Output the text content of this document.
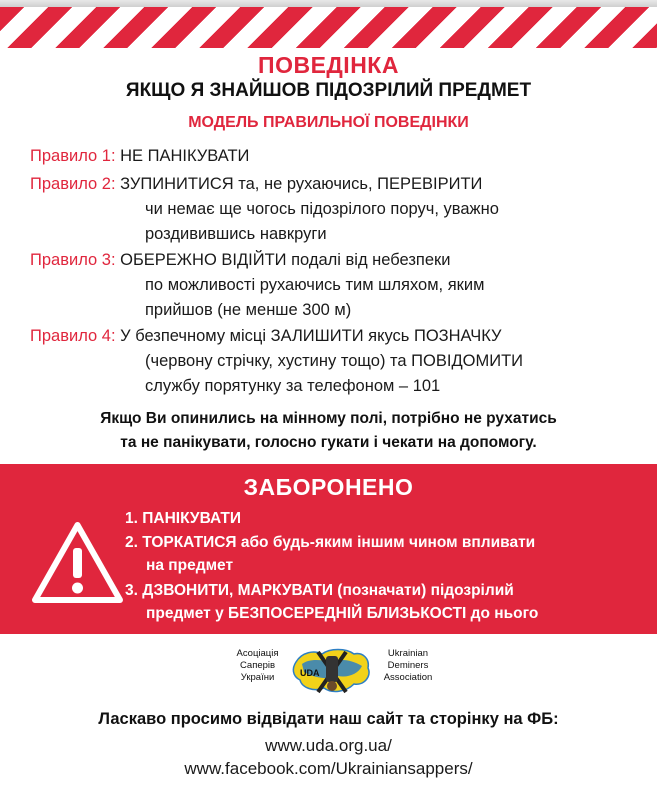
ПОВЕДІНКА
ЯКЩО Я ЗНАЙШОВ ПІДОЗРІЛИЙ ПРЕДМЕТ
МОДЕЛЬ ПРАВИЛЬНОЇ ПОВЕДІНКИ
Правило 1: НЕ ПАНІКУВАТИ
Правило 2: ЗУПИНИТИСЯ та, не рухаючись, ПЕРЕВІРИТИ
чи немає ще чогось підозрілого поруч, уважно
роздивившись навкруги
Правило 3: ОБЕРЕЖНО ВІДІЙТИ подалі від небезпеки
по можливості рухаючись тим шляхом, яким
прийшов (не менше 300 м)
Правило 4: У безпечному місці ЗАЛИШИТИ якусь ПОЗНАЧКУ
(червону стрічку, хустину тощо) та ПОВІДОМИТИ
службу порятунку за телефоном – 101
Якщо Ви опинились на мінному полі, потрібно не рухатись
та не панікувати, голосно гукати і чекати на допомогу.
ЗАБОРОНЕНО
1. ПАНІКУВАТИ
2. ТОРКАТИСЯ або будь-яким іншим чином впливати
на предмет
3. ДЗВОНИТИ, МАРКУВАТИ (позначати) підозрілий
предмет у БЕЗПОСЕРЕДНІЙ БЛИЗЬКОСТІ до нього
Асоціація
Саперів
України	UDA
Ukrainian
Deminers
Association
Ласкаво просимо відвідати наш сайт та сторінку на ФБ:
www.uda.org.ua/
www.facebook.com/Ukrainiansappers/
